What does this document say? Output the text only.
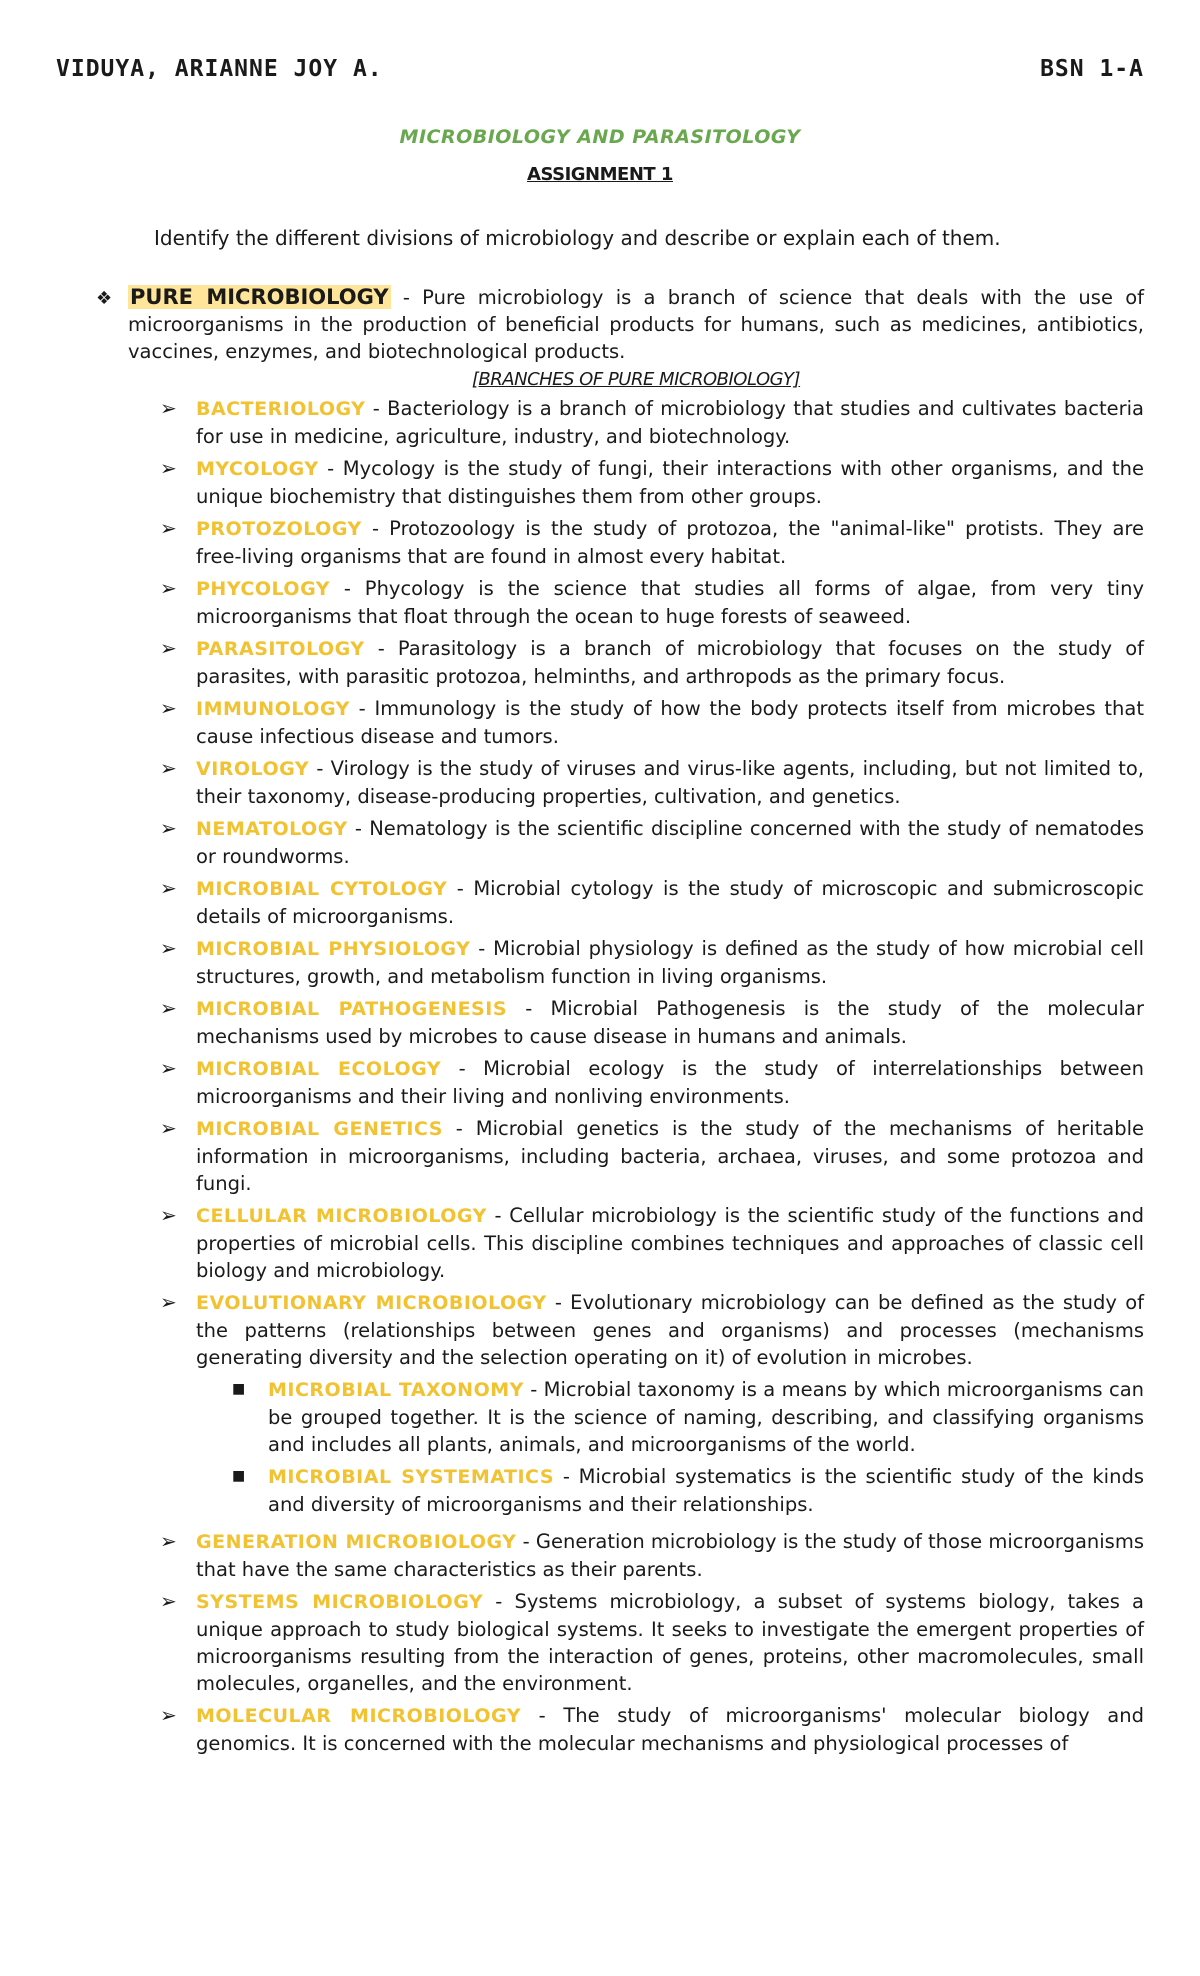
VIDUYA, ARIANNE JOY A.	BSN 1-A
MICROBIOLOGY AND PARASITOLOGY
ASSIGNMENT 1
Identify the different divisions of microbiology and describe or explain each of them.
❖ PURE MICROBIOLOGY - Pure microbiology is a branch of science that deals with the use of microorganisms in the production of beneficial products for humans, such as medicines, antibiotics, vaccines, enzymes, and biotechnological products.
[BRANCHES OF PURE MICROBIOLOGY]
➢	BACTERIOLOGY - Bacteriology is a branch of microbiology that studies and cultivates bacteria for use in medicine, agriculture, industry, and biotechnology.
➢	MYCOLOGY - Mycology is the study of fungi, their interactions with other organisms, and the unique biochemistry that distinguishes them from other groups.
➢	PROTOZOLOGY - Protozoology is the study of protozoa, the "animal-like" protists. They are free-living organisms that are found in almost every habitat.
➢	PHYCOLOGY - Phycology is the science that studies all forms of algae, from very tiny microorganisms that float through the ocean to huge forests of seaweed.
➢	PARASITOLOGY - Parasitology is a branch of microbiology that focuses on the study of parasites, with parasitic protozoa, helminths, and arthropods as the primary focus.
➢	IMMUNOLOGY - Immunology is the study of how the body protects itself from microbes that cause infectious disease and tumors.
➢	VIROLOGY - Virology is the study of viruses and virus-like agents, including, but not limited to, their taxonomy, disease-producing properties, cultivation, and genetics.
➢	NEMATOLOGY - Nematology is the scientific discipline concerned with the study of nematodes or roundworms.
➢	MICROBIAL CYTOLOGY - Microbial cytology is the study of microscopic and submicroscopic details of microorganisms.
➢	MICROBIAL PHYSIOLOGY - Microbial physiology is defined as the study of how microbial cell structures, growth, and metabolism function in living organisms.
➢	MICROBIAL PATHOGENESIS - Microbial Pathogenesis is the study of the molecular mechanisms used by microbes to cause disease in humans and animals.
➢	MICROBIAL ECOLOGY - Microbial ecology is the study of interrelationships between microorganisms and their living and nonliving environments.
➢	MICROBIAL GENETICS - Microbial genetics is the study of the mechanisms of heritable information in microorganisms, including bacteria, archaea, viruses, and some protozoa and fungi.
➢	CELLULAR MICROBIOLOGY - Cellular microbiology is the scientific study of the functions and properties of microbial cells. This discipline combines techniques and approaches of classic cell biology and microbiology.
➢	EVOLUTIONARY MICROBIOLOGY - Evolutionary microbiology can be defined as the study of the patterns (relationships between genes and organisms) and processes (mechanisms generating diversity and the selection operating on it) of evolution in microbes.
■	MICROBIAL TAXONOMY - Microbial taxonomy is a means by which microorganisms can be grouped together. It is the science of naming, describing, and classifying organisms and includes all plants, animals, and microorganisms of the world.
■	MICROBIAL SYSTEMATICS - Microbial systematics is the scientific study of the kinds and diversity of microorganisms and their relationships.
➢	GENERATION MICROBIOLOGY - Generation microbiology is the study of those microorganisms that have the same characteristics as their parents.
➢	SYSTEMS MICROBIOLOGY - Systems microbiology, a subset of systems biology, takes a unique approach to study biological systems. It seeks to investigate the emergent properties of microorganisms resulting from the interaction of genes, proteins, other macromolecules, small molecules, organelles, and the environment.
➢	MOLECULAR MICROBIOLOGY - The study of microorganisms' molecular biology and genomics. It is concerned with the molecular mechanisms and physiological processes of
